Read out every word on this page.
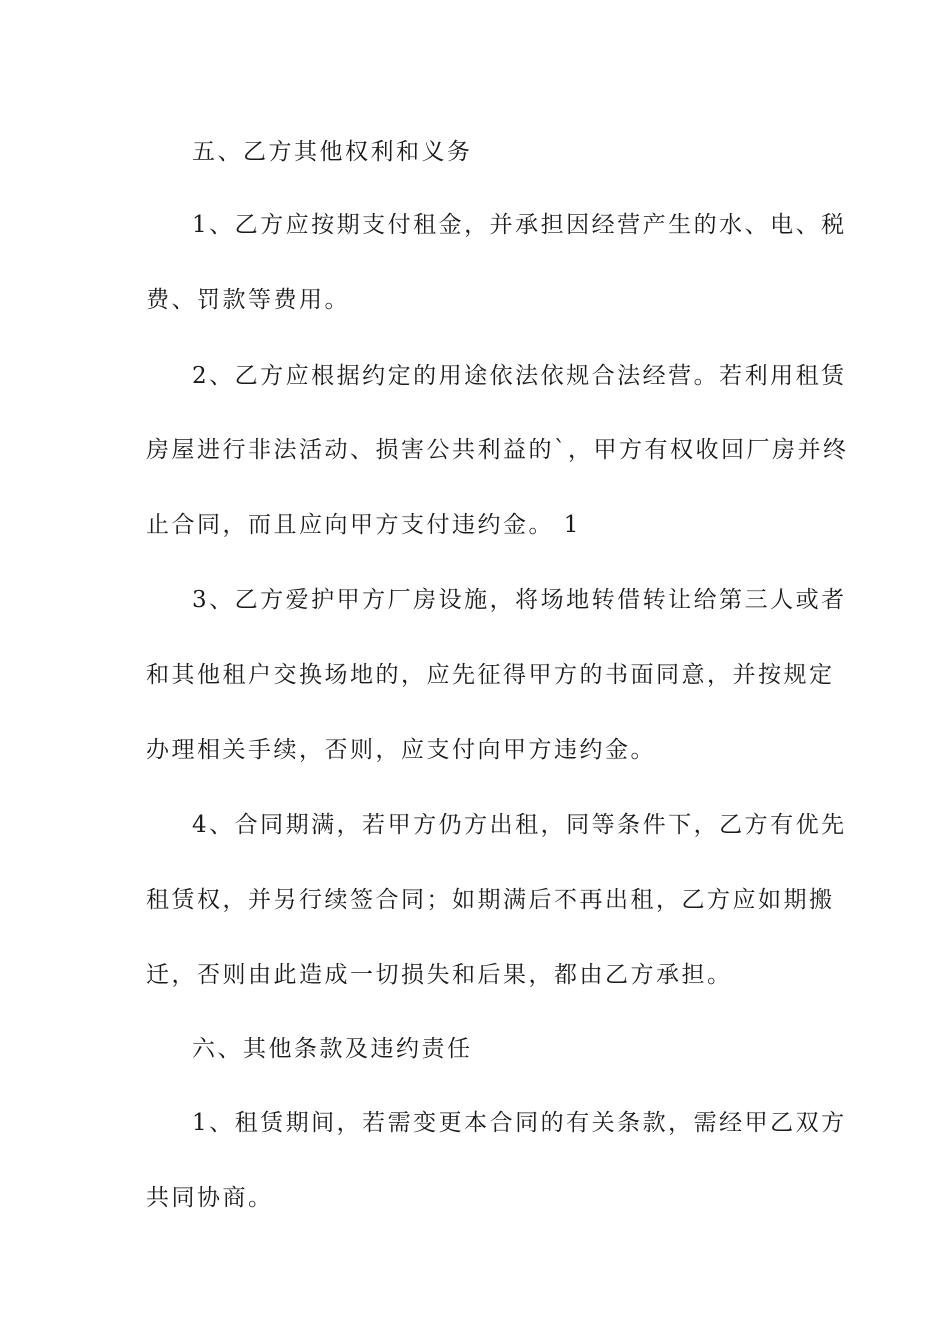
五、乙方其他权利和义务
1、乙方应按期支付租金，并承担因经营产生的水、电、税
费、罚款等费用。
2、乙方应根据约定的用途依法依规合法经营。若利用租赁
房屋进行非法活动、损害公共利益的`，甲方有权收回厂房并终
止合同，而且应向甲方支付违约金。 1
3、乙方爱护甲方厂房设施，将场地转借转让给第三人或者
和其他租户交换场地的，应先征得甲方的书面同意，并按规定
办理相关手续，否则，应支付向甲方违约金。
4、合同期满，若甲方仍方出租，同等条件下，乙方有优先
租赁权，并另行续签合同；如期满后不再出租，乙方应如期搬
迁，否则由此造成一切损失和后果，都由乙方承担。
六、其他条款及违约责任
1、租赁期间，若需变更本合同的有关条款，需经甲乙双方
共同协商。
